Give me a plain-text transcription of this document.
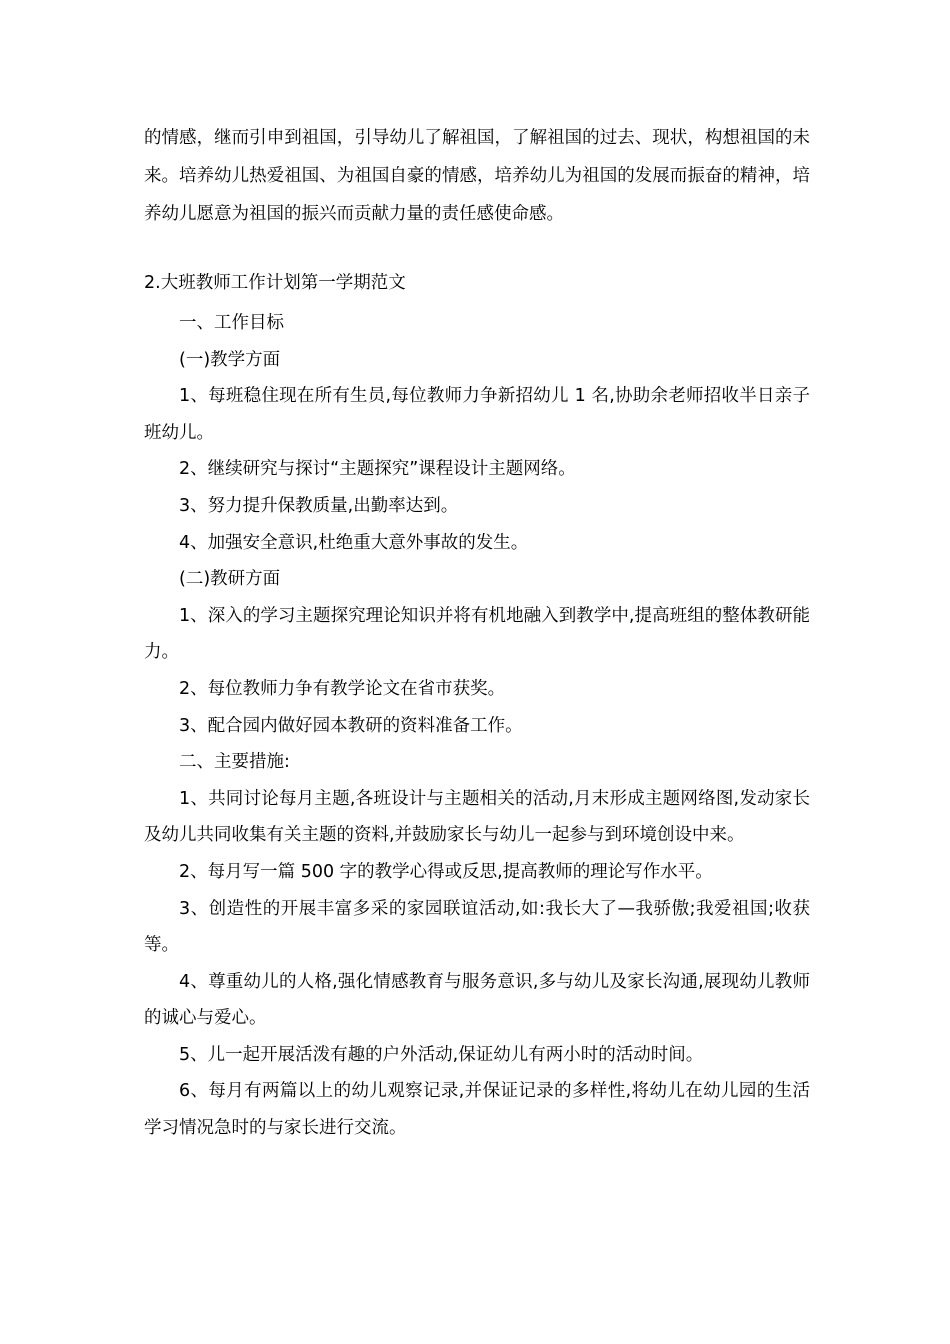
的情感，继而引申到祖国，引导幼儿了解祖国，了解祖国的过去、现状，构想祖国的未来。培养幼儿热爱祖国、为祖国自豪的情感，培养幼儿为祖国的发展而振奋的精神，培养幼儿愿意为祖国的振兴而贡献力量的责任感使命感。

2.大班教师工作计划第一学期范文

一、工作目标

(一)教学方面

1、每班稳住现在所有生员,每位教师力争新招幼儿 1 名,协助余老师招收半日亲子班幼儿。

2、继续研究与探讨“主题探究”课程设计主题网络。

3、努力提升保教质量,出勤率达到。

4、加强安全意识,杜绝重大意外事故的发生。

(二)教研方面

1、深入的学习主题探究理论知识并将有机地融入到教学中,提高班组的整体教研能力。

2、每位教师力争有教学论文在省市获奖。

3、配合园内做好园本教研的资料准备工作。

二、主要措施:

1、共同讨论每月主题,各班设计与主题相关的活动,月末形成主题网络图,发动家长及幼儿共同收集有关主题的资料,并鼓励家长与幼儿一起参与到环境创设中来。

2、每月写一篇 500 字的教学心得或反思,提高教师的理论写作水平。

3、创造性的开展丰富多采的家园联谊活动,如:我长大了—我骄傲;我爱祖国;收获等。

4、尊重幼儿的人格,强化情感教育与服务意识,多与幼儿及家长沟通,展现幼儿教师的诚心与爱心。

5、儿一起开展活泼有趣的户外活动,保证幼儿有两小时的活动时间。

6、每月有两篇以上的幼儿观察记录,并保证记录的多样性,将幼儿在幼儿园的生活学习情况急时的与家长进行交流。
